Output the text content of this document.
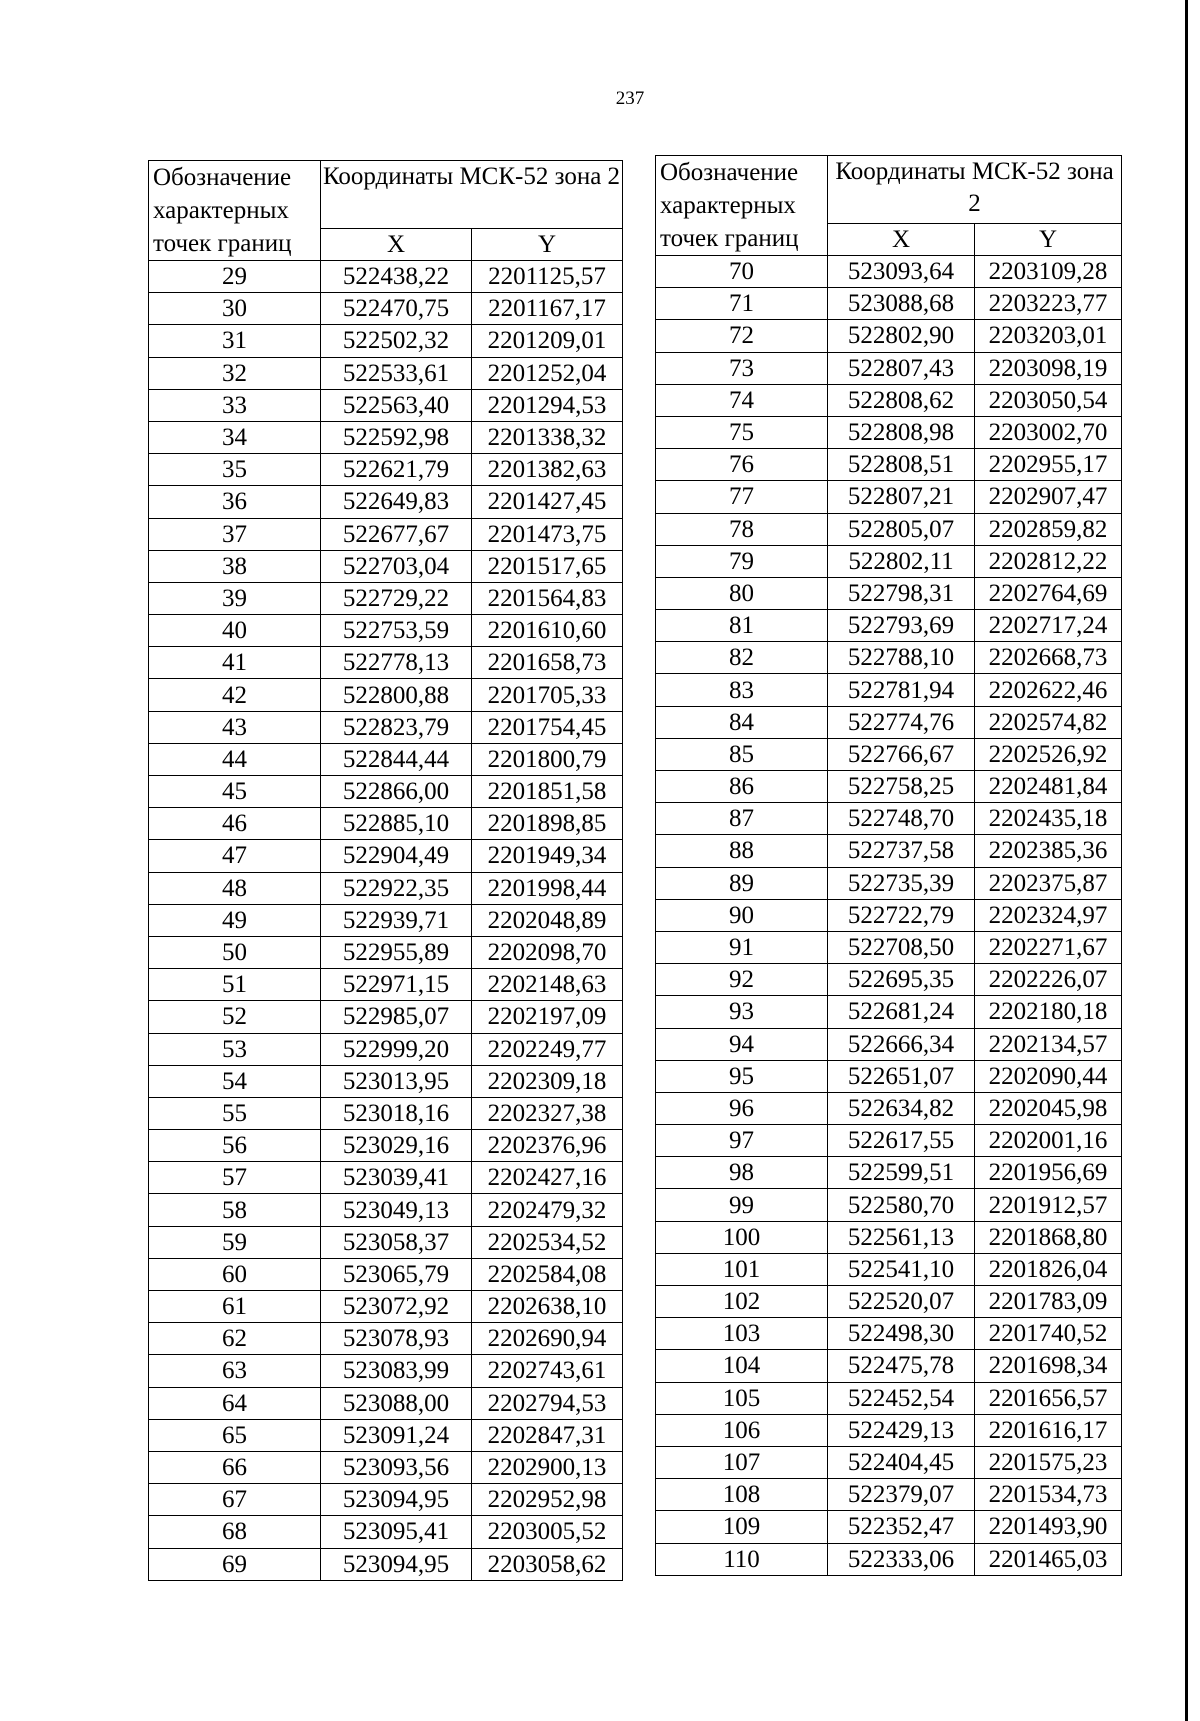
237
Обозначение характерных точек границ	Координаты МСК-52 зона 2	
	X	Y
29	522438,22	2201125,57
30	522470,75	2201167,17
31	522502,32	2201209,01
32	522533,61	2201252,04
33	522563,40	2201294,53
34	522592,98	2201338,32
35	522621,79	2201382,63
36	522649,83	2201427,45
37	522677,67	2201473,75
38	522703,04	2201517,65
39	522729,22	2201564,83
40	522753,59	2201610,60
41	522778,13	2201658,73
42	522800,88	2201705,33
43	522823,79	2201754,45
44	522844,44	2201800,79
45	522866,00	2201851,58
46	522885,10	2201898,85
47	522904,49	2201949,34
48	522922,35	2201998,44
49	522939,71	2202048,89
50	522955,89	2202098,70
51	522971,15	2202148,63
52	522985,07	2202197,09
53	522999,20	2202249,77
54	523013,95	2202309,18
55	523018,16	2202327,38
56	523029,16	2202376,96
57	523039,41	2202427,16
58	523049,13	2202479,32
59	523058,37	2202534,52
60	523065,79	2202584,08
61	523072,92	2202638,10
62	523078,93	2202690,94
63	523083,99	2202743,61
64	523088,00	2202794,53
65	523091,24	2202847,31
66	523093,56	2202900,13
67	523094,95	2202952,98
68	523095,41	2203005,52
69	523094,95	2203058,62
Обозначение характерных точек границ	Координаты МСК-52 зона 2	
	X	Y
70	523093,64	2203109,28
71	523088,68	2203223,77
72	522802,90	2203203,01
73	522807,43	2203098,19
74	522808,62	2203050,54
75	522808,98	2203002,70
76	522808,51	2202955,17
77	522807,21	2202907,47
78	522805,07	2202859,82
79	522802,11	2202812,22
80	522798,31	2202764,69
81	522793,69	2202717,24
82	522788,10	2202668,73
83	522781,94	2202622,46
84	522774,76	2202574,82
85	522766,67	2202526,92
86	522758,25	2202481,84
87	522748,70	2202435,18
88	522737,58	2202385,36
89	522735,39	2202375,87
90	522722,79	2202324,97
91	522708,50	2202271,67
92	522695,35	2202226,07
93	522681,24	2202180,18
94	522666,34	2202134,57
95	522651,07	2202090,44
96	522634,82	2202045,98
97	522617,55	2202001,16
98	522599,51	2201956,69
99	522580,70	2201912,57
100	522561,13	2201868,80
101	522541,10	2201826,04
102	522520,07	2201783,09
103	522498,30	2201740,52
104	522475,78	2201698,34
105	522452,54	2201656,57
106	522429,13	2201616,17
107	522404,45	2201575,23
108	522379,07	2201534,73
109	522352,47	2201493,90
110	522333,06	2201465,03
